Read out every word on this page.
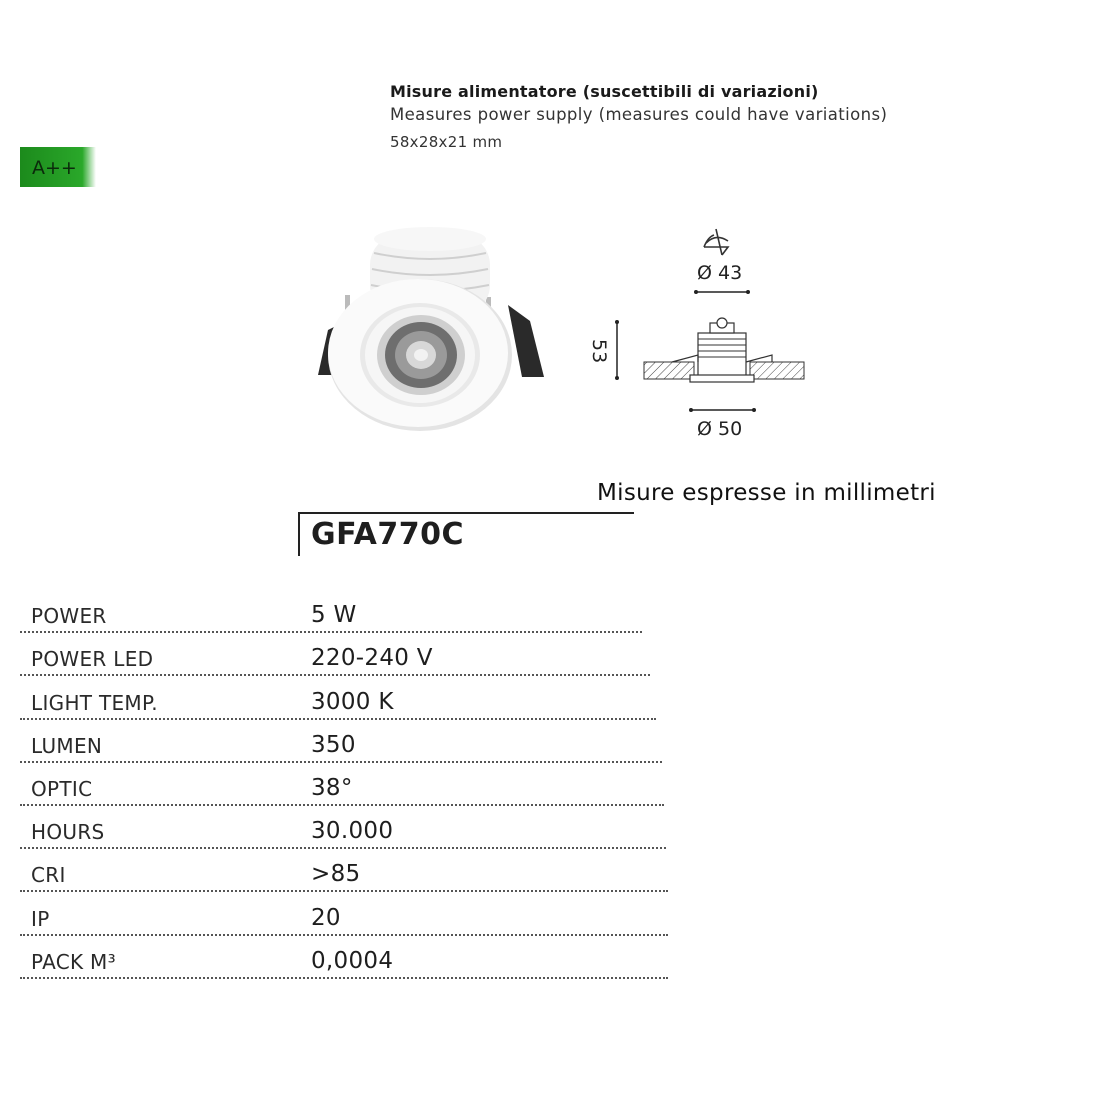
Misure alimentatore (suscettibili di variazioni)
Measures power supply (measures could have variations)
58x28x21 mm
A++
Ø 43
53
Ø 50
Misure espresse in millimetri
GFA770C
POWER	5 W
POWER LED	220-240 V
LIGHT TEMP.	3000 K
LUMEN	350
OPTIC	38°
HOURS	30.000
CRI	>85
IP	20
PACK M³	0,0004
